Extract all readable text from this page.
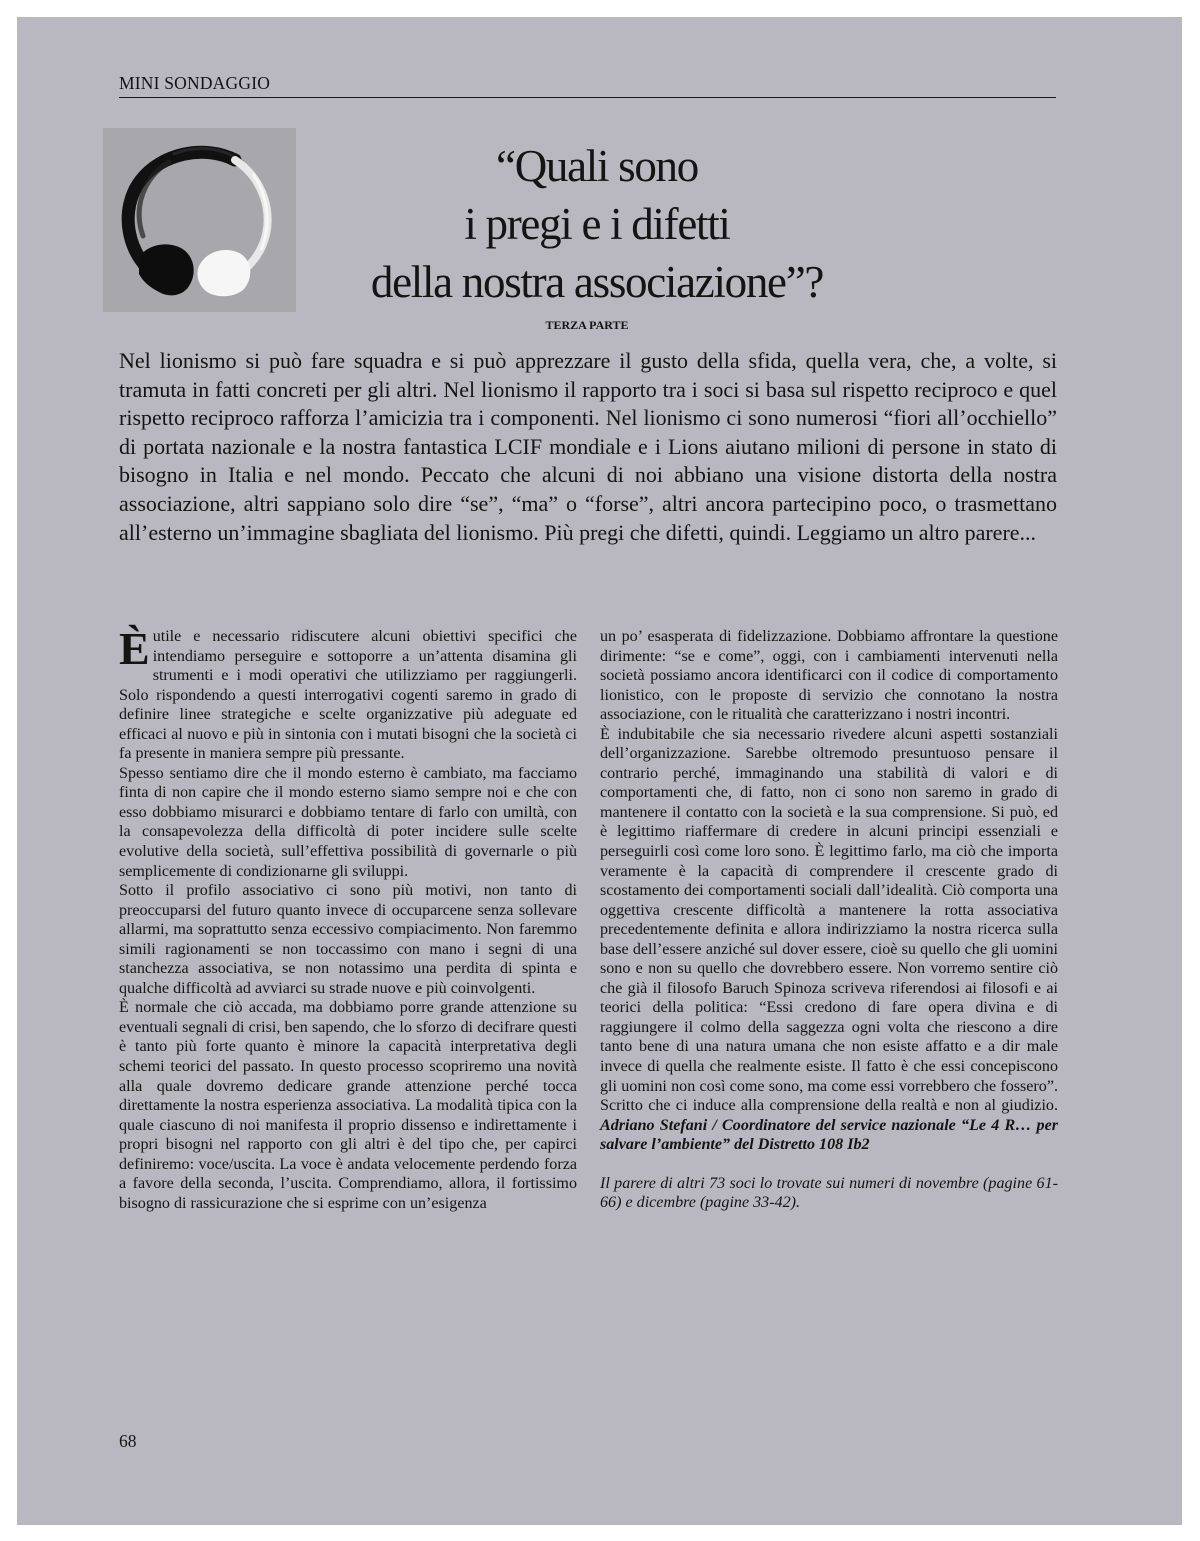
MINI SONDAGGIO
“Quali sono
i pregi e i difetti
della nostra associazione”?
TERZA PARTE
Nel lionismo si può fare squadra e si può apprezzare il gusto della sfida, quella vera, che, a volte, si tramuta in fatti concreti per gli altri. Nel lionismo il rapporto tra i soci si basa sul rispetto reciproco e quel rispetto reciproco rafforza l’amicizia tra i componenti. Nel lionismo ci sono numerosi “fiori all’occhiello” di portata nazionale e la nostra fantastica LCIF mondiale e i Lions aiutano milioni di persone in stato di bisogno in Italia e nel mondo. Peccato che alcuni di noi abbiano una visione distorta della nostra associazione, altri sappiano solo dire “se”, “ma” o “forse”, altri ancora partecipino poco, o trasmettano all’esterno un’immagine sbagliata del lionismo. Più pregi che difetti, quindi. Leggiamo un altro parere...

Èutile e necessario ridiscutere alcuni obiettivi specifici che intendiamo perseguire e sottoporre a un’attenta disamina gli strumenti e i modi operativi che utilizziamo per raggiungerli. Solo rispondendo a questi interrogativi cogenti saremo in grado di definire linee strategiche e scelte organizzative più adeguate ed efficaci al nuovo e più in sintonia con i mutati bisogni che la società ci fa presente in maniera sempre più pressante.

Spesso sentiamo dire che il mondo esterno è cambiato, ma facciamo finta di non capire che il mondo esterno siamo sempre noi e che con esso dobbiamo misurarci e dobbiamo tentare di farlo con umiltà, con la consapevolezza della difficoltà di poter incidere sulle scelte evolutive della società, sull’effettiva possibilità di governarle o più semplicemente di condizionarne gli sviluppi.

Sotto il profilo associativo ci sono più motivi, non tanto di preoccuparsi del futuro quanto invece di occuparcene senza sollevare allarmi, ma soprattutto senza eccessivo compiacimento. Non faremmo simili ragionamenti se non toccassimo con mano i segni di una stanchezza associativa, se non notassimo una perdita di spinta e qualche difficoltà ad avviarci su strade nuove e più coinvolgenti.

È normale che ciò accada, ma dobbiamo porre grande attenzione su eventuali segnali di crisi, ben sapendo, che lo sforzo di decifrare questi è tanto più forte quanto è minore la capacità interpretativa degli schemi teorici del passato. In questo processo scopriremo una novità alla quale dovremo dedicare grande attenzione perché tocca direttamente la nostra esperienza associativa. La modalità tipica con la quale ciascuno di noi manifesta il proprio dissenso e indirettamente i propri bisogni nel rapporto con gli altri è del tipo che, per capirci definiremo: voce/uscita. La voce è andata velocemente perdendo forza a favore della seconda, l’uscita. Comprendiamo, allora, il fortissimo bisogno di rassicurazione che si esprime con un’esigenza

un po’ esasperata di fidelizzazione. Dobbiamo affrontare la questione dirimente: “se e come”, oggi, con i cambiamenti intervenuti nella società possiamo ancora identificarci con il codice di comportamento lionistico, con le proposte di servizio che connotano la nostra associazione, con le ritualità che caratterizzano i nostri incontri.

È indubitabile che sia necessario rivedere alcuni aspetti sostanziali dell’organizzazione. Sarebbe oltremodo presuntuoso pensare il contrario perché, immaginando una stabilità di valori e di comportamenti che, di fatto, non ci sono non saremo in grado di mantenere il contatto con la società e la sua comprensione. Si può, ed è legittimo riaffermare di credere in alcuni principi essenziali e perseguirli così come loro sono. È legittimo farlo, ma ciò che importa veramente è la capacità di comprendere il crescente grado di scostamento dei comportamenti sociali dall’idealità. Ciò comporta una oggettiva crescente difficoltà a mantenere la rotta associativa precedentemente definita e allora indirizziamo la nostra ricerca sulla base dell’essere anziché sul dover essere, cioè su quello che gli uomini sono e non su quello che dovrebbero essere. Non vorremo sentire ciò che già il filosofo Baruch Spinoza scriveva riferendosi ai filosofi e ai teorici della politica: “Essi credono di fare opera divina e di raggiungere il colmo della saggezza ogni volta che riescono a dire tanto bene di una natura umana che non esiste affatto e a dir male invece di quella che realmente esiste. Il fatto è che essi concepiscono gli uomini non così come sono, ma come essi vorrebbero che fossero”. Scritto che ci induce alla comprensione della realtà e non al giudizio. Adriano Stefani / Coordinatore del service nazionale “Le 4 R… per salvare l’ambiente” del Distretto 108 Ib2

Il parere di altri 73 soci lo trovate sui numeri di novembre (pagine 61-66) e dicembre (pagine 33-42).

68
